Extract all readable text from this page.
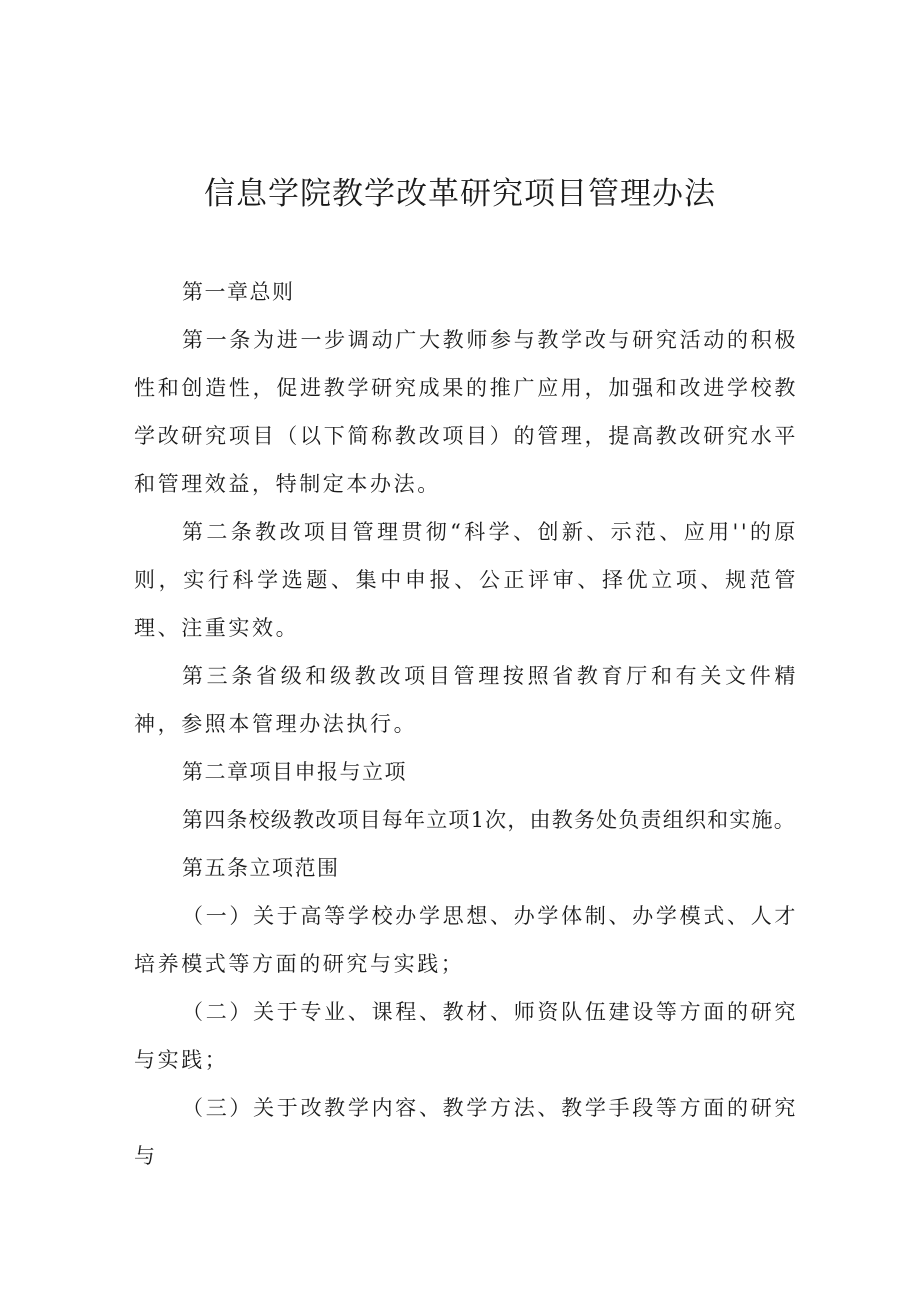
信息学院教学改革研究项目管理办法

第一章总则

第一条为进一步调动广大教师参与教学改与研究活动的积极性和创造性，促进教学研究成果的推广应用，加强和改进学校教学改研究项目（以下简称教改项目）的管理，提高教改研究水平和管理效益，特制定本办法。

第二条教改项目管理贯彻“科学、创新、示范、应用''的原则，实行科学选题、集中申报、公正评审、择优立项、规范管理、注重实效。

第三条省级和级教改项目管理按照省教育厅和有关文件精神，参照本管理办法执行。

第二章项目申报与立项

第四条校级教改项目每年立项1次，由教务处负责组织和实施。

第五条立项范围

（一）关于高等学校办学思想、办学体制、办学模式、人才培养模式等方面的研究与实践；

（二）关于专业、课程、教材、师资队伍建设等方面的研究与实践；

（三）关于改教学内容、教学方法、教学手段等方面的研究与
